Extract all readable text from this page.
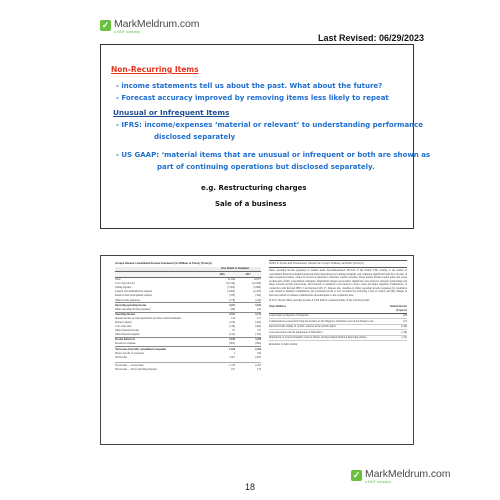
✓ MarkMeldrum.com
a MMF company
Last Revised: 06/29/2023
Non-Recurring Items
- income statements tell us about the past. What about the future?
- Forecast accuracy improved by removing items less likely to repeat
Unusual or Infrequent Items
- IFRS: income/expenses ‘material or relevant’ to understanding performance
disclosed separately
- US GAAP: ‘material items that are unusual or infrequent or both are shown as
part of continuing operations but disclosed separately.
e.g. Restructuring charges
Sale of a business
Groupe Danone Consolidated Income Statements (in Millions of Euros) (Excerpt)
Year Ended 31 December
2016	2017
Sales	21,944	24,677
Cost of goods sold	(10,744)	(12,459)
Selling expense	(5,562)	(5,890)
General and administrative expense	(2,004)	(2,225)
Research and development expense	(333)	(342)
Other income (expense)	(278)	(219)
Recurring operating income	3,022	3,543
Other operating income (expense)	(99)	192
Operating income	2,923	3,734
Interest income on cash equivalents and short-term investments	130	151
Interest expense	(276)	(414)
Cost of net debt	(146)	(263)
Other financial income	67	137
Other financial expense	(214)	(312)
Income before tax	2,630	3,296
Income tax expense	(804)	(842)
Net income from fully consolidated companies	1,826	2,454
Share of profit of associates	1	169
Net income	1,827	2,623
Net income — Group share	1,720	2,453
Net income — Non-controlling interests	107	170
NOTE 6. Events and Transactions Outside the Group's Ordinary Activities [Excerpt]
Other operating income (expense) is defined under Recommendation 2013-03 of the French CNC relating to the format of consolidated financial statements prepared under international accounting standards, and comprises significant items that, because of their exceptional nature, cannot be viewed as inherent to Danone's current activities. These mainly include capital gains and losses on disposals of fully consolidated companies, impairment charges on goodwill, significant costs related to strategic restructuring and major external growth transactions, and incurred or estimated costs related to major crises and major litigation. Furthermore, in connection with Revised IFRS 3 and Revised IAS 27, Danone also classifies in Other operating income (expense) (i) acquisition costs related to business combinations, (ii) revaluation profit or loss accounted for following a loss of control, and (iii) changes in earn-outs related to business combinations and subsequent to the acquisition date.
In 2017, the net Other operating income of €192 million consisted mainly of the following items:
(Euro Millions)	Related Income (Expense)
Capital gain on disposal of Stonyfield	628
Compensation received following the decision of the Singapore arbitration court in the Fonterra case	105
Territorial risks, mainly in certain countries in the ALMA region	(148)
Costs associated with the integration of WhiteWave	(118)
Impairment of several intangible assets in Waters and Specialized Nutrition Reporting entities	(115)
Remainder of table omitted
✓ MarkMeldrum.com
a MMF company
18
